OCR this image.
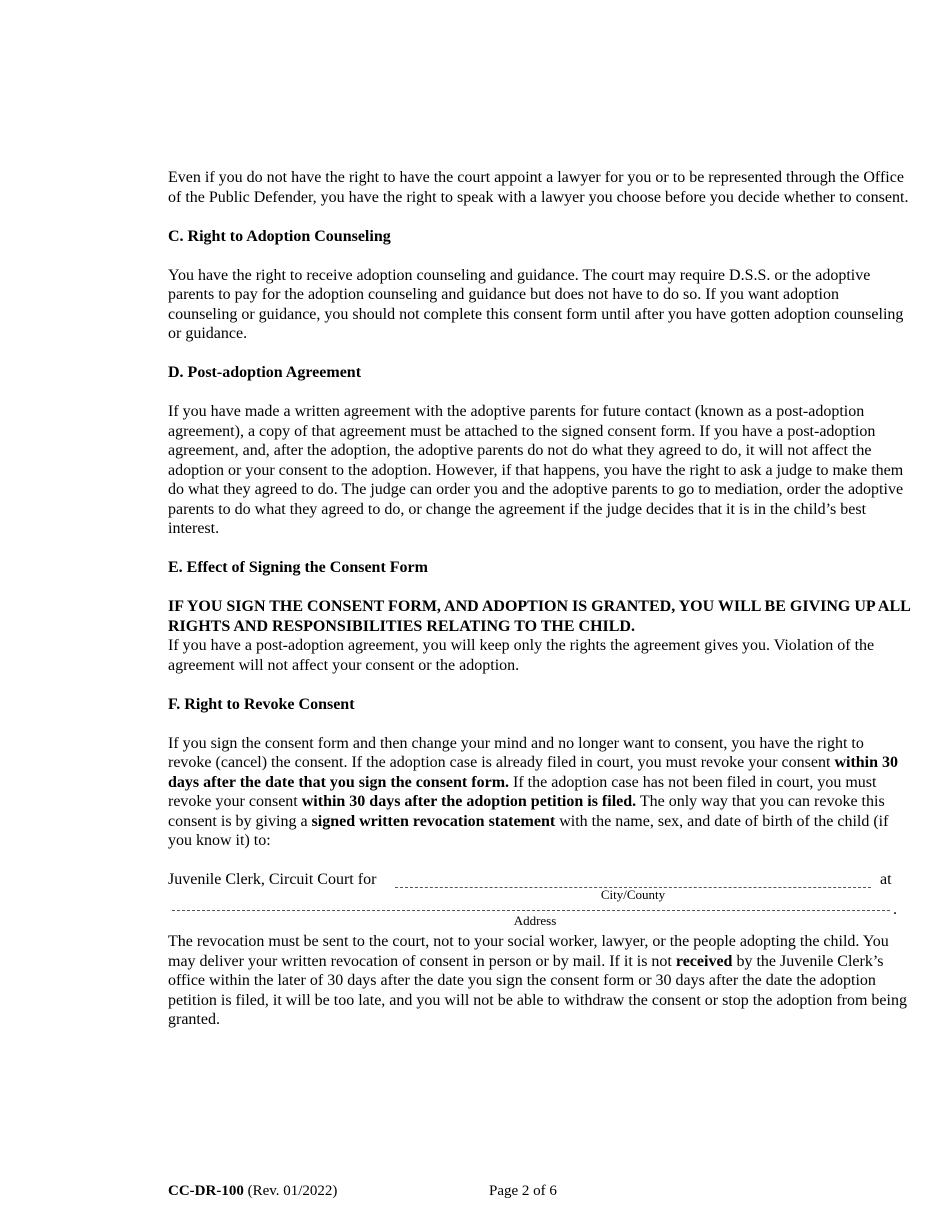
Even if you do not have the right to have the court appoint a lawyer for you or to be represented through the Office of the Public Defender, you have the right to speak with a lawyer you choose before you decide whether to consent.

C. Right to Adoption Counseling

You have the right to receive adoption counseling and guidance. The court may require D.S.S. or the adoptive parents to pay for the adoption counseling and guidance but does not have to do so. If you want adoption counseling or guidance, you should not complete this consent form until after you have gotten adoption counseling or guidance.

D. Post-adoption Agreement

If you have made a written agreement with the adoptive parents for future contact (known as a post-adoption agreement), a copy of that agreement must be attached to the signed consent form. If you have a post-adoption agreement, and, after the adoption, the adoptive parents do not do what they agreed to do, it will not affect the adoption or your consent to the adoption. However, if that happens, you have the right to ask a judge to make them do what they agreed to do. The judge can order you and the adoptive parents to go to mediation, order the adoptive parents to do what they agreed to do, or change the agreement if the judge decides that it is in the child’s best interest.

E. Effect of Signing the Consent Form

IF YOU SIGN THE CONSENT FORM, AND ADOPTION IS GRANTED, YOU WILL BE GIVING UP ALL RIGHTS AND RESPONSIBILITIES RELATING TO THE CHILD.

If you have a post-adoption agreement, you will keep only the rights the agreement gives you. Violation of the agreement will not affect your consent or the adoption.

F. Right to Revoke Consent

If you sign the consent form and then change your mind and no longer want to consent, you have the right to revoke (cancel) the consent. If the adoption case is already filed in court, you must revoke your consent within 30 days after the date that you sign the consent form. If the adoption case has not been filed in court, you must revoke your consent within 30 days after the adoption petition is filed. The only way that you can revoke this consent is by giving a signed written revocation statement with the name, sex, and date of birth of the child (if you know it) to:

Juvenile Clerk, Circuit Court for	at
City/County
.
Address

The revocation must be sent to the court, not to your social worker, lawyer, or the people adopting the child. You may deliver your written revocation of consent in person or by mail. If it is not received by the Juvenile Clerk’s office within the later of 30 days after the date you sign the consent form or 30 days after the date the adoption petition is filed, it will be too late, and you will not be able to withdraw the consent or stop the adoption from being granted.

CC-DR-100 (Rev. 01/2022)	Page 2 of 6
